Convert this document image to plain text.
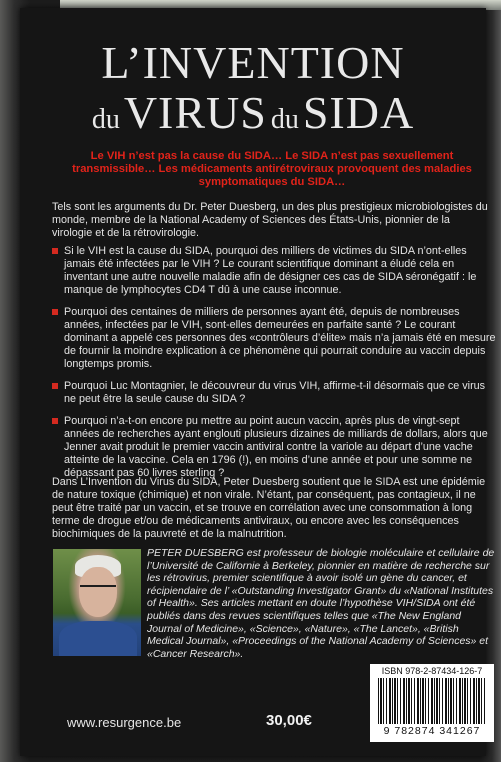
L’INVENTION
du VIRUS du SIDA
Le VIH n’est pas la cause du SIDA… Le SIDA n’est pas sexuellement transmissible… Les médicaments antirétroviraux provoquent des maladies symptomatiques du SIDA…
Tels sont les arguments du Dr. Peter Duesberg, un des plus prestigieux microbiologistes du monde, membre de la National Academy of Sciences des États-Unis, pionnier de la virologie et de la rétrovirologie.
Si le VIH est la cause du SIDA, pourquoi des milliers de victimes du SIDA n’ont-elles jamais été infectées par le VIH ? Le courant scientifique dominant a éludé cela en inventant une autre nouvelle maladie afin de désigner ces cas de SIDA séronégatif : le manque de lymphocytes CD4 T dû à une cause inconnue.
Pourquoi des centaines de milliers de personnes ayant été, depuis de nombreuses années, infectées par le VIH, sont-elles demeurées en parfaite santé ? Le courant dominant a appelé ces personnes des «contrôleurs d’élite» mais n’a jamais été en mesure de fournir la moindre explication à ce phénomène qui pourrait conduire au vaccin depuis longtemps promis.
Pourquoi Luc Montagnier, le découvreur du virus VIH, affirme-t-il désormais que ce virus ne peut être la seule cause du SIDA ?
Pourquoi n’a-t-on encore pu mettre au point aucun vaccin, après plus de vingt-sept années de recherches ayant englouti plusieurs dizaines de milliards de dollars, alors que Jenner avait produit le premier vaccin antiviral contre la variole au départ d’une vache atteinte de la vaccine. Cela en 1796 (!), en moins d’une année et pour une somme ne dépassant pas 60 livres sterling ?
Dans L’Invention du Virus du SIDA, Peter Duesberg soutient que le SIDA est une épidémie de nature toxique (chimique) et non virale. N’étant, par conséquent, pas contagieux, il ne peut être traité par un vaccin, et se trouve en corrélation avec une consommation à long terme de drogue et/ou de médicaments antiviraux, ou encore avec les conséquences biochimiques de la pauvreté et de la malnutrition.
PETER DUESBERG est professeur de biologie moléculaire et cellulaire de l’Université de Californie à Berkeley, pionnier en matière de recherche sur les rétrovirus, premier scientifique à avoir isolé un gène du cancer, et récipiendaire de l’ «Outstanding Investigator Grant» du «National Institutes of Health». Ses articles mettant en doute l’hypothèse VIH/SIDA ont été publiés dans des revues scientifiques telles que «The New England Journal of Medicine», «Science», «Nature», «The Lancet», «British Medical Journal», «Proceedings of the National Academy of Sciences» et «Cancer Research».
ISBN 978-2-87434-126-7
9 782874 341267
www.resurgence.be	30,00€
